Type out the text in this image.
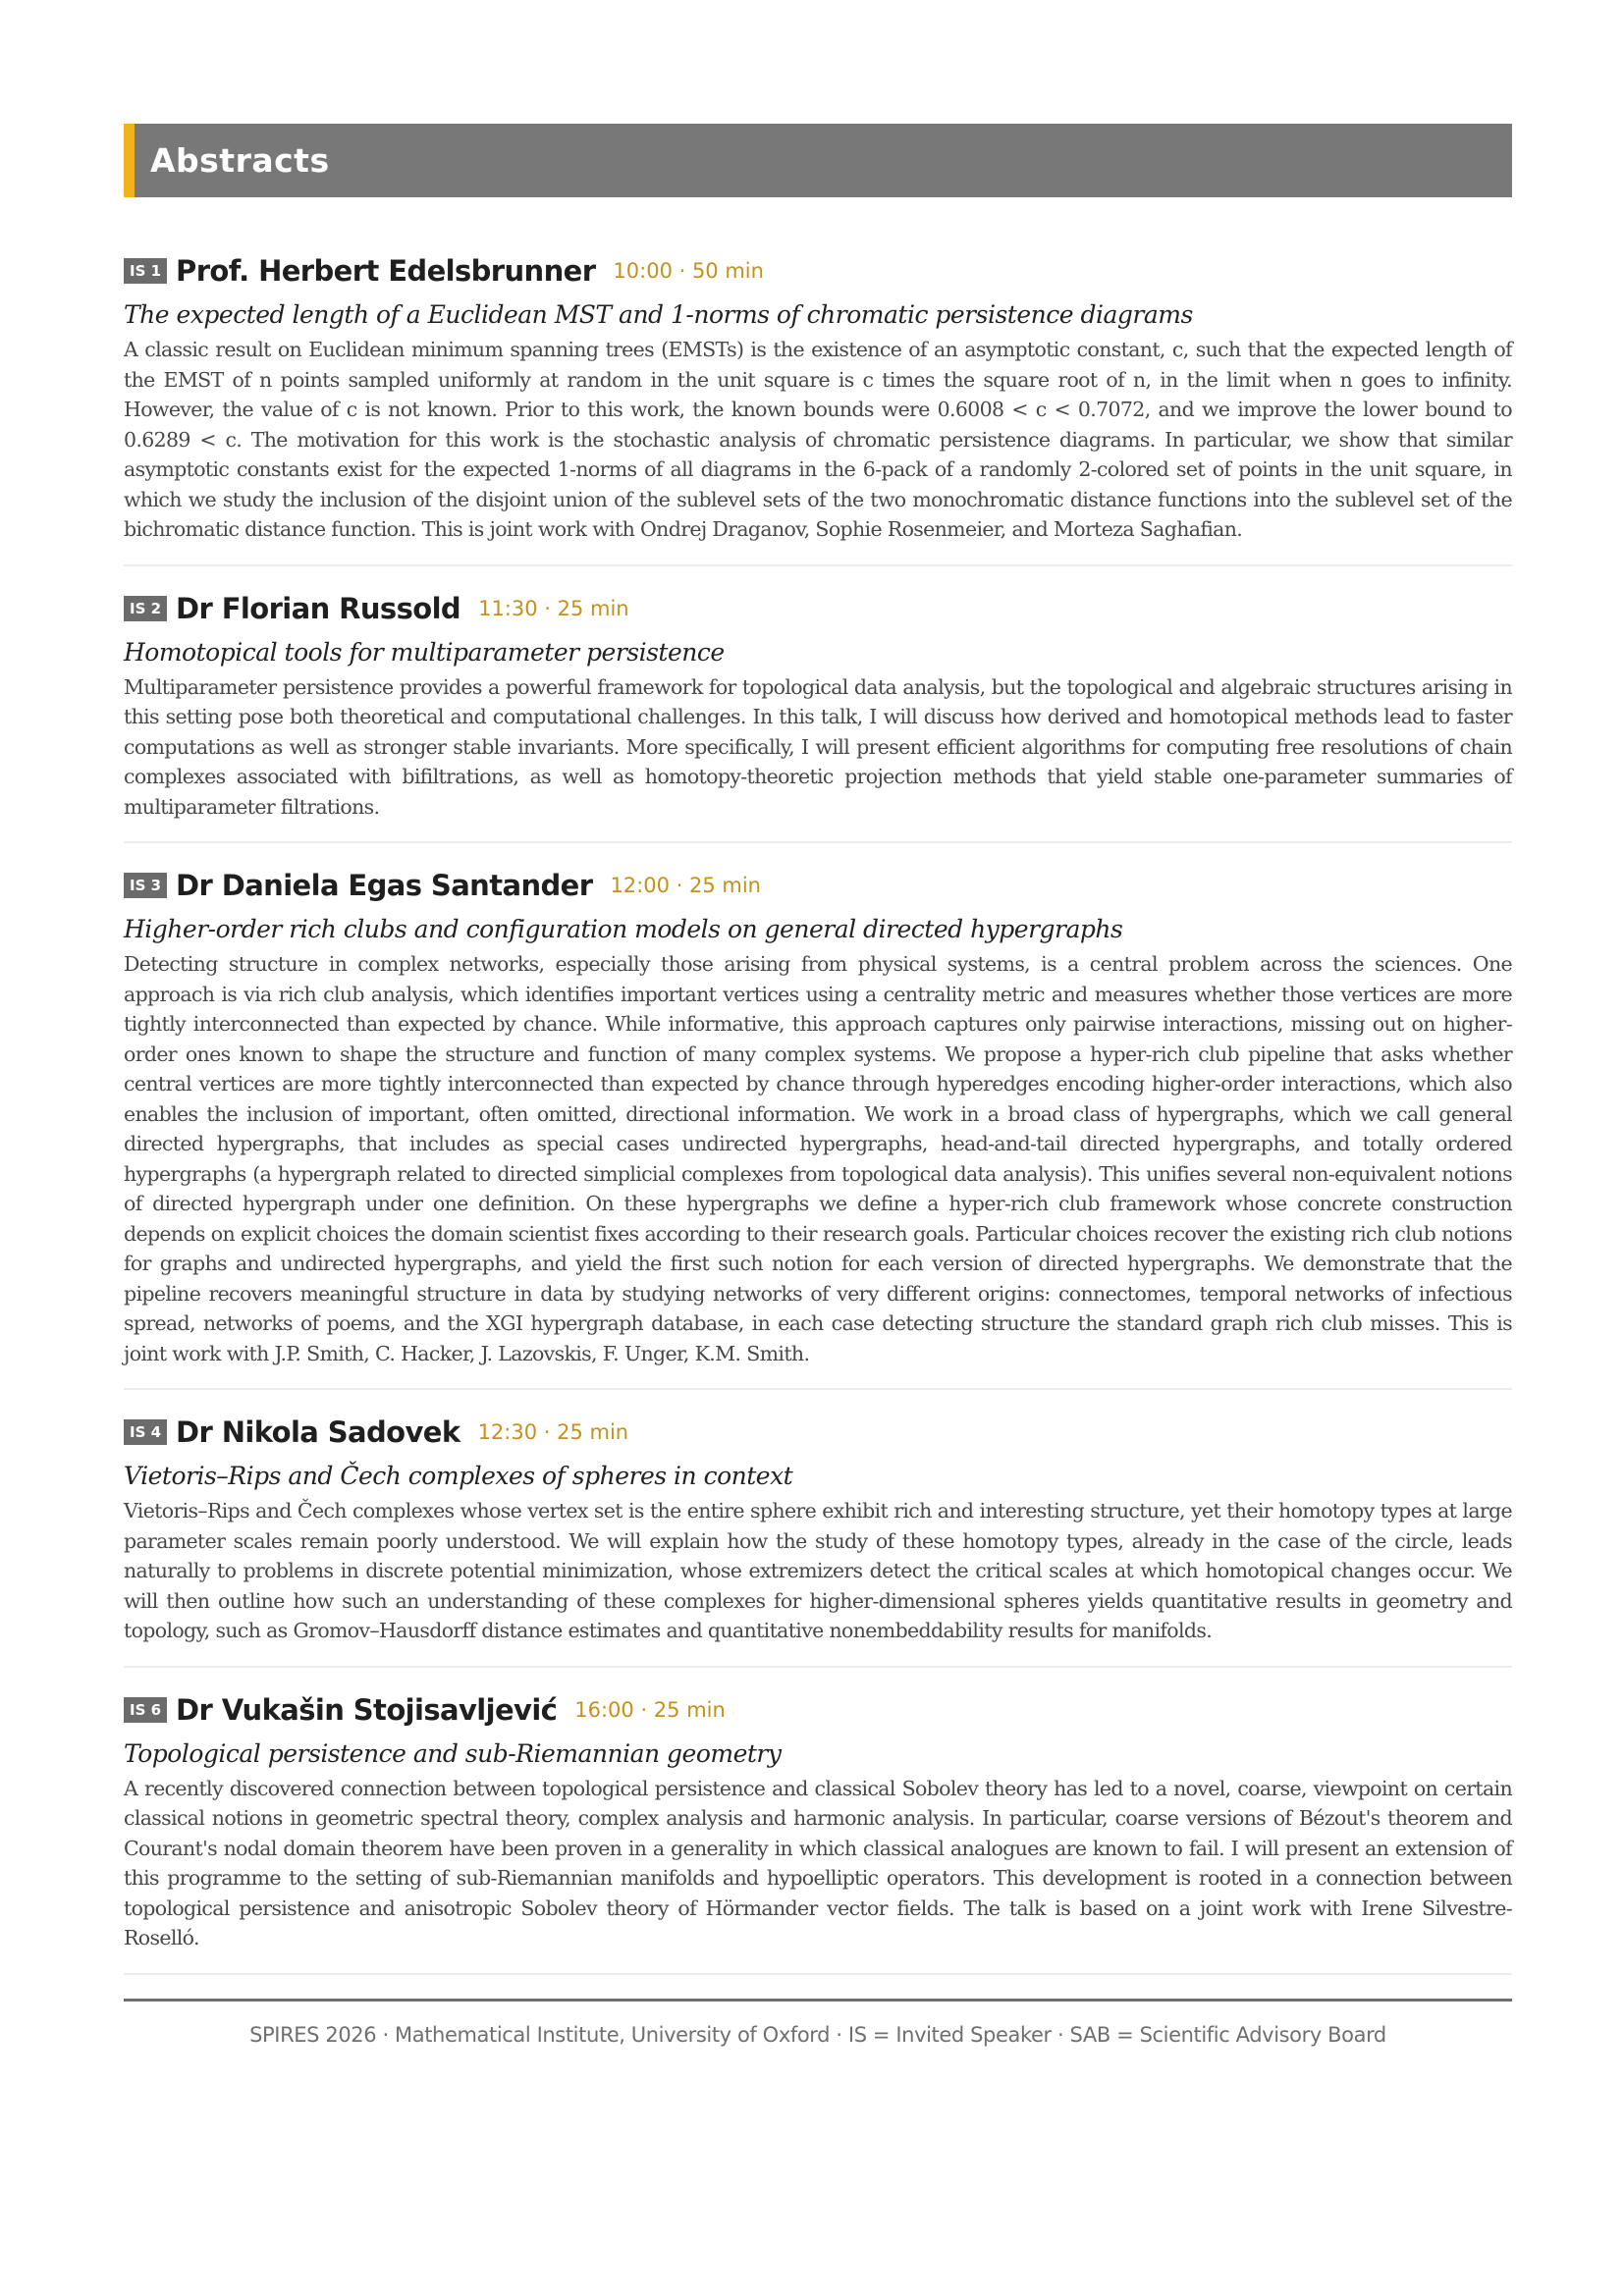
Abstracts
IS 1 Prof. Herbert Edelsbrunner 10:00 · 50 min
The expected length of a Euclidean MST and 1-norms of chromatic persistence diagrams

A classic result on Euclidean minimum spanning trees (EMSTs) is the existence of an asymptotic constant, c, such that the expected length of the EMST of n points sampled uniformly at random in the unit square is c times the square root of n, in the limit when n goes to infinity. However, the value of c is not known. Prior to this work, the known bounds were 0.6008 < c < 0.7072, and we improve the lower bound to 0.6289 < c. The motivation for this work is the stochastic analysis of chromatic persistence diagrams. In particular, we show that similar asymptotic constants exist for the expected 1-norms of all diagrams in the 6-pack of a randomly 2-colored set of points in the unit square, in which we study the inclusion of the disjoint union of the sublevel sets of the two monochromatic distance functions into the sublevel set of the bichromatic distance function. This is joint work with Ondrej Draganov, Sophie Rosenmeier, and Morteza Saghafian.

IS 2 Dr Florian Russold 11:30 · 25 min
Homotopical tools for multiparameter persistence

Multiparameter persistence provides a powerful framework for topological data analysis, but the topological and algebraic structures arising in this setting pose both theoretical and computational challenges. In this talk, I will discuss how derived and homotopical methods lead to faster computations as well as stronger stable invariants. More specifically, I will present efficient algorithms for computing free resolutions of chain complexes associated with bifiltrations, as well as homotopy-theoretic projection methods that yield stable one-parameter summaries of multiparameter filtrations.

IS 3 Dr Daniela Egas Santander 12:00 · 25 min
Higher-order rich clubs and configuration models on general directed hypergraphs

Detecting structure in complex networks, especially those arising from physical systems, is a central problem across the sciences. One approach is via rich club analysis, which identifies important vertices using a centrality metric and measures whether those vertices are more tightly interconnected than expected by chance. While informative, this approach captures only pairwise interactions, missing out on higher-order ones known to shape the structure and function of many complex systems. We propose a hyper-rich club pipeline that asks whether central vertices are more tightly interconnected than expected by chance through hyperedges encoding higher-order interactions, which also enables the inclusion of important, often omitted, directional information. We work in a broad class of hypergraphs, which we call general directed hypergraphs, that includes as special cases undirected hypergraphs, head-and-tail directed hypergraphs, and totally ordered hypergraphs (a hypergraph related to directed simplicial complexes from topological data analysis). This unifies several non-equivalent notions of directed hypergraph under one definition. On these hypergraphs we define a hyper-rich club framework whose concrete construction depends on explicit choices the domain scientist fixes according to their research goals. Particular choices recover the existing rich club notions for graphs and undirected hypergraphs, and yield the first such notion for each version of directed hypergraphs. We demonstrate that the pipeline recovers meaningful structure in data by studying networks of very different origins: connectomes, temporal networks of infectious spread, networks of poems, and the XGI hypergraph database, in each case detecting structure the standard graph rich club misses. This is joint work with J.P. Smith, C. Hacker, J. Lazovskis, F. Unger, K.M. Smith.

IS 4 Dr Nikola Sadovek 12:30 · 25 min
Vietoris–Rips and Čech complexes of spheres in context

Vietoris–Rips and Čech complexes whose vertex set is the entire sphere exhibit rich and interesting structure, yet their homotopy types at large parameter scales remain poorly understood. We will explain how the study of these homotopy types, already in the case of the circle, leads naturally to problems in discrete potential minimization, whose extremizers detect the critical scales at which homotopical changes occur. We will then outline how such an understanding of these complexes for higher-dimensional spheres yields quantitative results in geometry and topology, such as Gromov–Hausdorff distance estimates and quantitative nonembeddability results for manifolds.

IS 6 Dr Vukašin Stojisavljević 16:00 · 25 min
Topological persistence and sub-Riemannian geometry

A recently discovered connection between topological persistence and classical Sobolev theory has led to a novel, coarse, viewpoint on certain classical notions in geometric spectral theory, complex analysis and harmonic analysis. In particular, coarse versions of Bézout's theorem and Courant's nodal domain theorem have been proven in a generality in which classical analogues are known to fail. I will present an extension of this programme to the setting of sub-Riemannian manifolds and hypoelliptic operators. This development is rooted in a connection between topological persistence and anisotropic Sobolev theory of Hörmander vector fields. The talk is based on a joint work with Irene Silvestre-Roselló.

SPIRES 2026 · Mathematical Institute, University of Oxford · IS = Invited Speaker · SAB = Scientific Advisory Board
